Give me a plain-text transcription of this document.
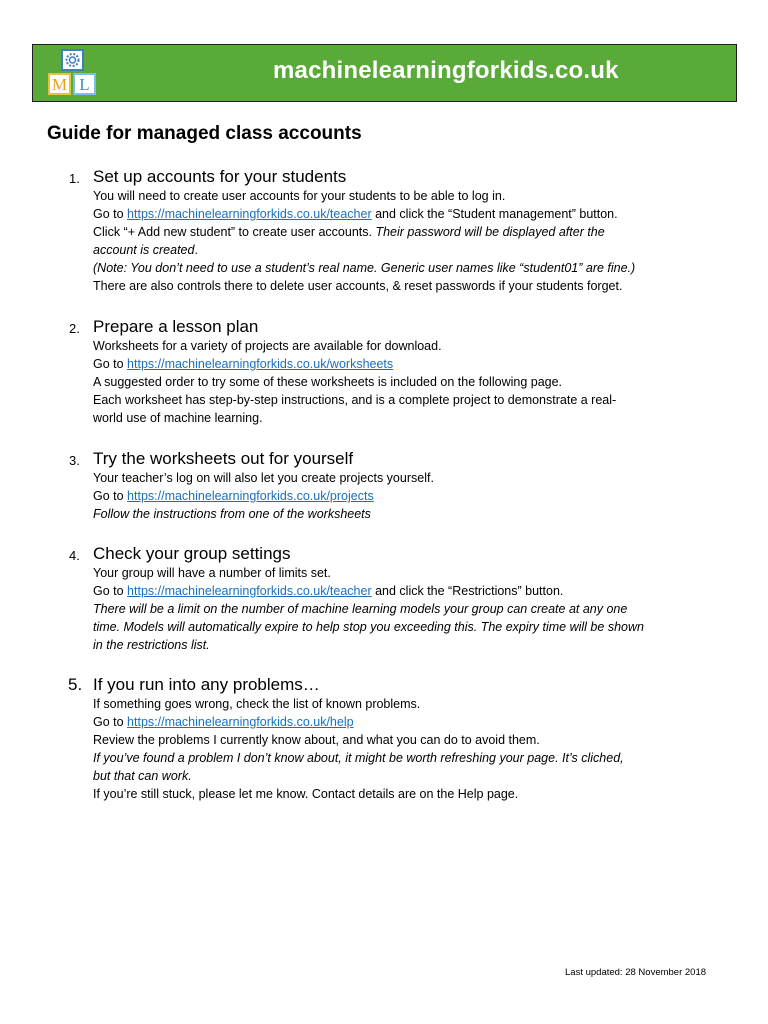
M L
machinelearningforkids.co.uk
Guide for managed class accounts
1. Set up accounts for your students
You will need to create user accounts for your students to be able to log in.
Go to https://machinelearningforkids.co.uk/teacher and click the “Student management” button.
Click “+ Add new student” to create user accounts. Their password will be displayed after the
account is created.
(Note: You don’t need to use a student’s real name. Generic user names like “student01” are fine.)
There are also controls there to delete user accounts, & reset passwords if your students forget.
2. Prepare a lesson plan
Worksheets for a variety of projects are available for download.
Go to https://machinelearningforkids.co.uk/worksheets
A suggested order to try some of these worksheets is included on the following page.
Each worksheet has step-by-step instructions, and is a complete project to demonstrate a real-
world use of machine learning.
3. Try the worksheets out for yourself
Your teacher’s log on will also let you create projects yourself.
Go to https://machinelearningforkids.co.uk/projects
Follow the instructions from one of the worksheets
4. Check your group settings
Your group will have a number of limits set.
Go to https://machinelearningforkids.co.uk/teacher and click the “Restrictions” button.
There will be a limit on the number of machine learning models your group can create at any one
time. Models will automatically expire to help stop you exceeding this. The expiry time will be shown
in the restrictions list.
5. If you run into any problems…
If something goes wrong, check the list of known problems.
Go to https://machinelearningforkids.co.uk/help
Review the problems I currently know about, and what you can do to avoid them.
If you’ve found a problem I don’t know about, it might be worth refreshing your page. It’s cliched,
but that can work.
If you’re still stuck, please let me know. Contact details are on the Help page.
Last updated: 28 November 2018
